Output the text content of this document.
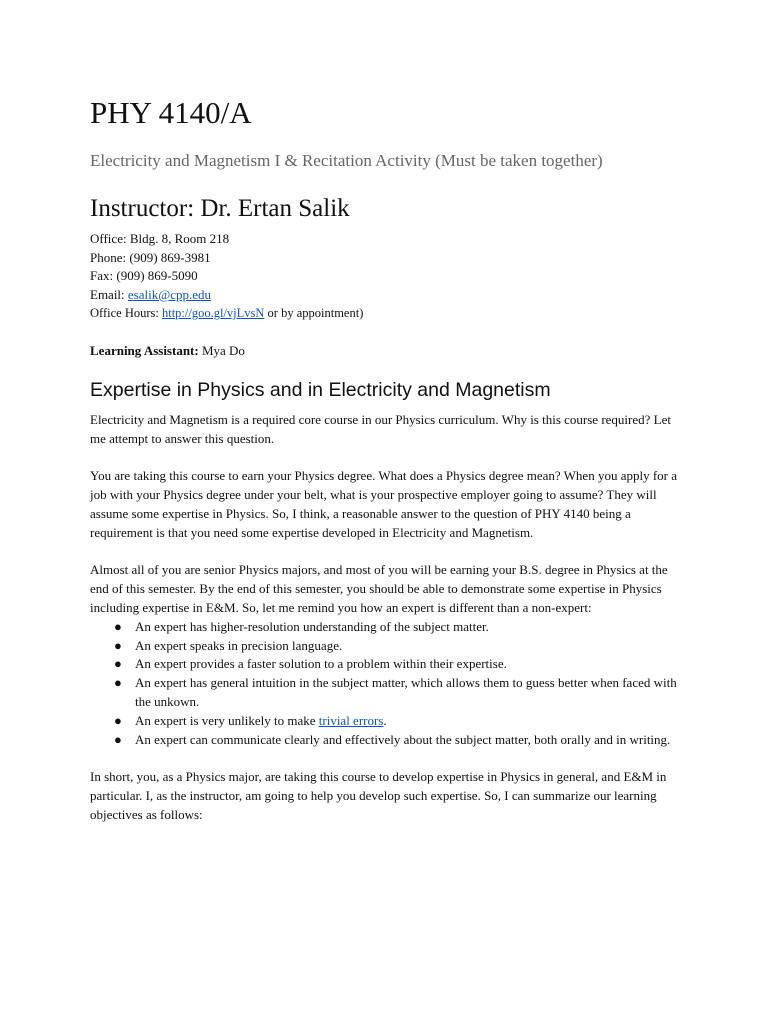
PHY 4140/A
Electricity and Magnetism I & Recitation Activity (Must be taken together)
Instructor: Dr. Ertan Salik
Office: Bldg. 8, Room 218
Phone: (909) 869-3981
Fax: (909) 869-5090
Email: esalik@cpp.edu
Office Hours: http://goo.gl/vjLvsN or by appointment)
Learning Assistant: Mya Do
Expertise in Physics and in Electricity and Magnetism

Electricity and Magnetism is a required core course in our Physics curriculum. Why is this course required? Let me attempt to answer this question.

You are taking this course to earn your Physics degree. What does a Physics degree mean? When you apply for a job with your Physics degree under your belt, what is your prospective employer going to assume? They will assume some expertise in Physics. So, I think, a reasonable answer to the question of PHY 4140 being a requirement is that you need some expertise developed in Electricity and Magnetism.

Almost all of you are senior Physics majors, and most of you will be earning your B.S. degree in Physics at the end of this semester. By the end of this semester, you should be able to demonstrate some expertise in Physics including expertise in E&M. So, let me remind you how an expert is different than a non-expert:

● An expert has higher-resolution understanding of the subject matter.
● An expert speaks in precision language.
● An expert provides a faster solution to a problem within their expertise.
● An expert has general intuition in the subject matter, which allows them to guess better when faced with the unkown.
● An expert is very unlikely to make trivial errors.
● An expert can communicate clearly and effectively about the subject matter, both orally and in writing.

In short, you, as a Physics major, are taking this course to develop expertise in Physics in general, and E&M in particular. I, as the instructor, am going to help you develop such expertise. So, I can summarize our learning objectives as follows:
